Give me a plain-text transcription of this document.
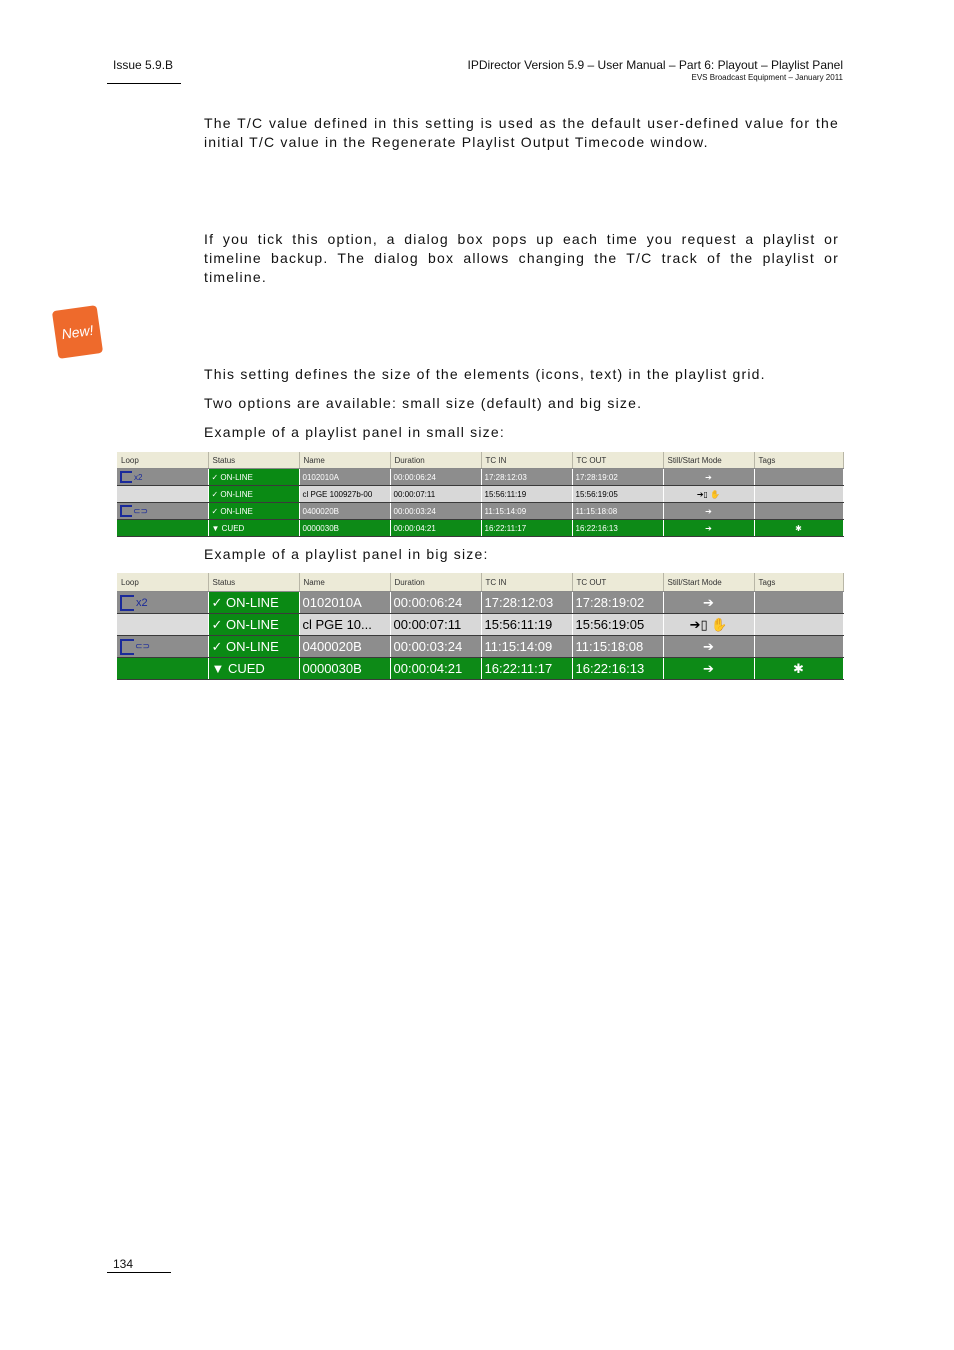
Issue 5.9.B	IPDirector Version 5.9 – User Manual – Part 6: Playout – Playlist Panel
EVS Broadcast Equipment – January 2011
The T/C value defined in this setting is used as the default user-defined value for the initial T/C value in the Regenerate Playlist Output Timecode window.
If you tick this option, a dialog box pops up each time you request a playlist or timeline backup. The dialog box allows changing the T/C track of the playlist or timeline.
New!
This setting defines the size of the elements (icons, text) in the playlist grid.
Two options are available: small size (default) and big size.
Example of a playlist panel in small size:
Loop	Status	Name	Duration	TC IN	TC OUT	Still/Start Mode	Tags
x2	✓ ON-LINE	0102010A	00:00:06:24	17:28:12:03	17:28:19:02	➔	
	✓ ON-LINE	cl PGE 100927b-00	00:00:07:11	15:56:11:19	15:56:19:05	➔▯ ✋	
⊂⊃	✓ ON-LINE	0400020B	00:00:03:24	11:15:14:09	11:15:18:08	➔	
	▼ CUED	0000030B	00:00:04:21	16:22:11:17	16:22:16:13	➔	✱
Example of a playlist panel in big size:
Loop	Status	Name	Duration	TC IN	TC OUT	Still/Start Mode	Tags
x2	✓ ON-LINE	0102010A	00:00:06:24	17:28:12:03	17:28:19:02	➔	
	✓ ON-LINE	cl PGE 10...	00:00:07:11	15:56:11:19	15:56:19:05	➔▯ ✋	
⊂⊃	✓ ON-LINE	0400020B	00:00:03:24	11:15:14:09	11:15:18:08	➔	
	▼ CUED	0000030B	00:00:04:21	16:22:11:17	16:22:16:13	➔	✱
134
